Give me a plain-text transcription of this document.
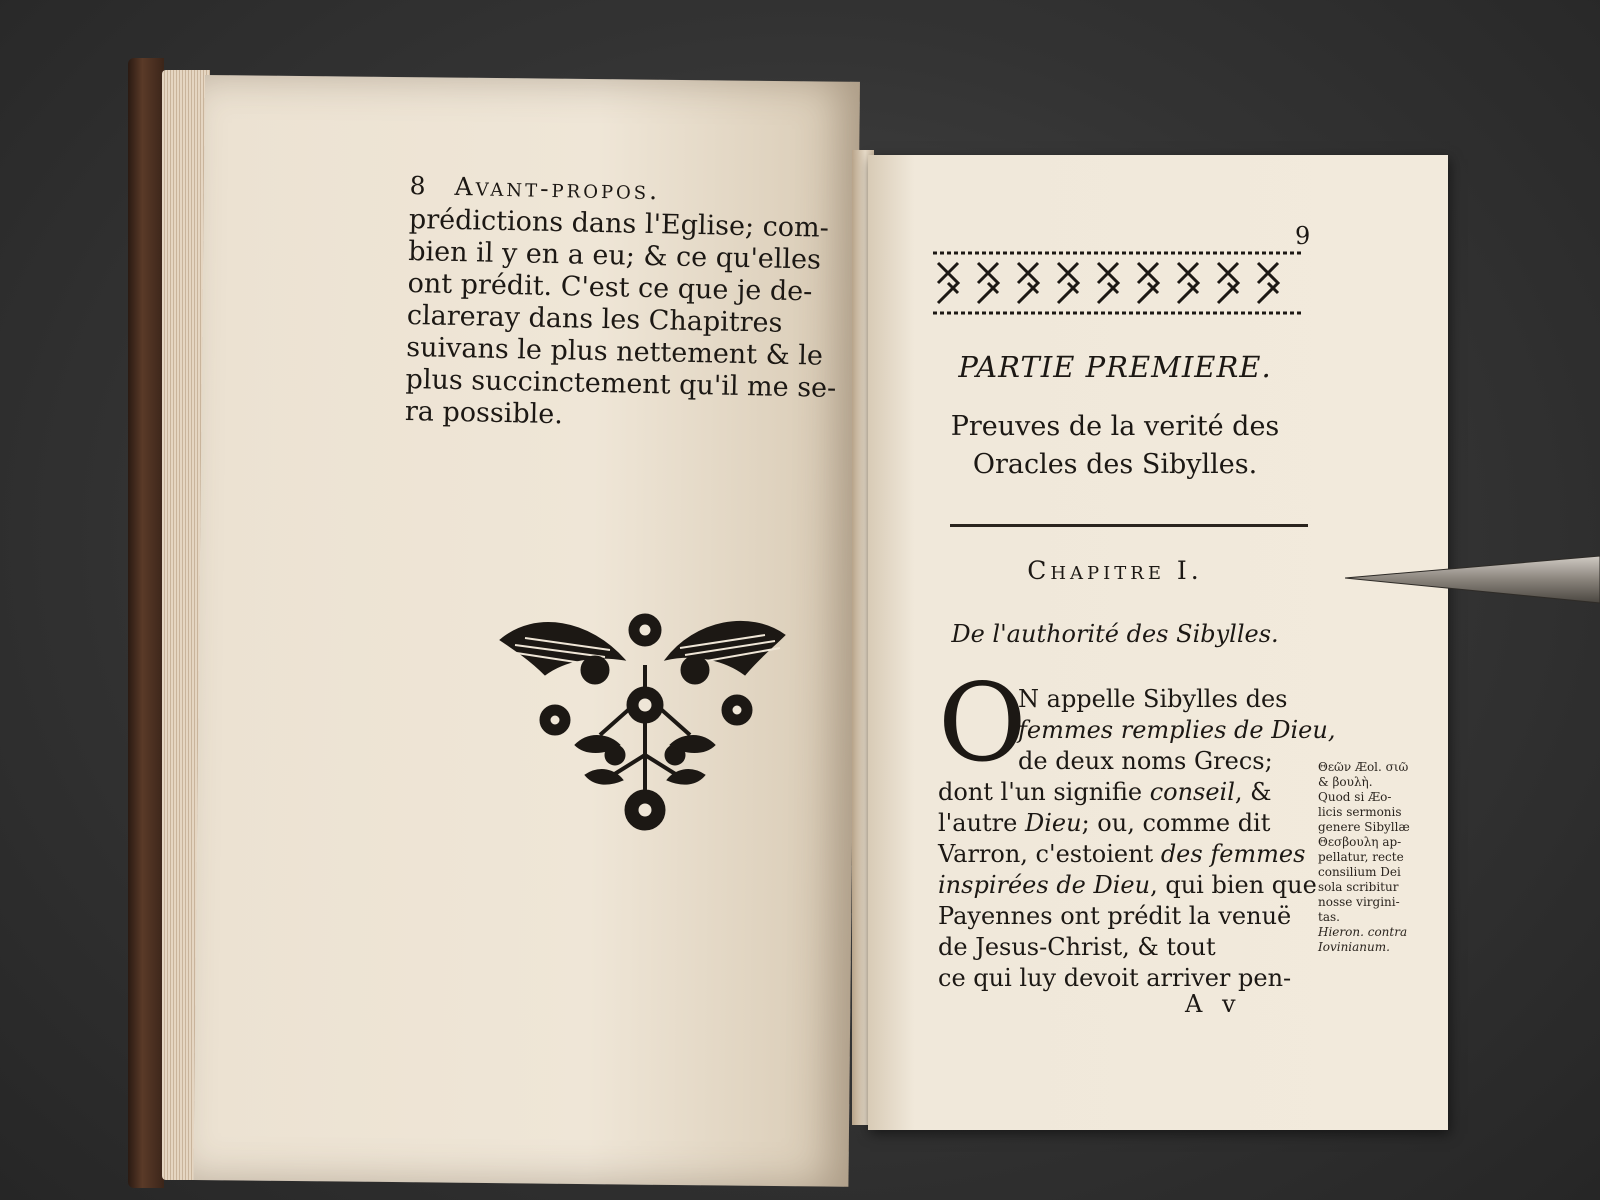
8 Avant-propos.
prédictions dans l'Eglise; com-
bien il y en a eu; & ce qu'elles
ont prédit. C'est ce que je de-
clareray dans les Chapitres
suivans le plus nettement & le
plus succinctement qu'il me se-
ra possible.
9
PARTIE PREMIERE.
Preuves de la verité des
Oracles des Sibylles.
Chapitre I.
De l'authorité des Sibylles.
O
N appelle Sibylles des
femmes remplies de Dieu,
de deux noms Grecs;
dont l'un signifie conseil, &
l'autre Dieu; ou, comme dit
Varron, c'estoient des femmes
inspirées de Dieu, qui bien que
Payennes ont prédit la venuë
de Jesus-Christ, & tout
ce qui luy devoit arriver pen-
A v
Θεῶν Æol. σιῶ
& βουλὴ.
Quod si Æo-
licis sermonis
genere Sibyllæ
Θεσβουλη ap-
pellatur, recte
consilium Dei
sola scribitur
nosse virgini-
tas.
Hieron. contra
Iovinianum.
